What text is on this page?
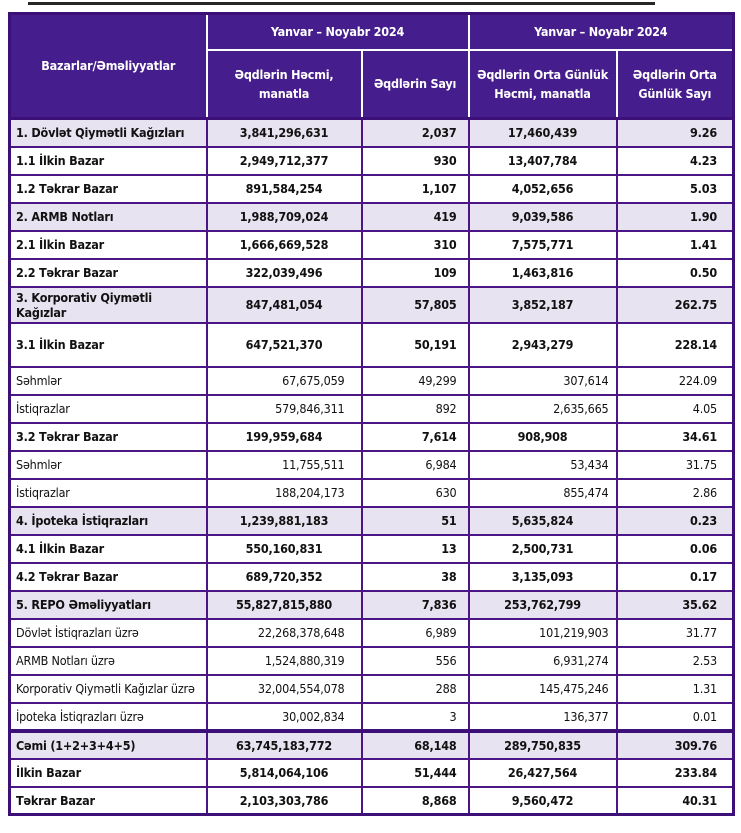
Bazarlar/Əməliyyatlar	Yanvar – Noyabr 2024		Yanvar – Noyabr 2024	
	Əqdlərin Həcmi, manatla	Əqdlərin Sayı	Əqdlərin Orta Günlük Həcmi, manatla	Əqdlərin Orta Günlük Sayı
1. Dövlət Qiymətli Kağızları	3,841,296,631	2,037	17,460,439	9.26
1.1 İlkin Bazar	2,949,712,377	930	13,407,784	4.23
1.2 Təkrar Bazar	891,584,254	1,107	4,052,656	5.03
2. ARMB Notları	1,988,709,024	419	9,039,586	1.90
2.1 İlkin Bazar	1,666,669,528	310	7,575,771	1.41
2.2 Təkrar Bazar	322,039,496	109	1,463,816	0.50
3. Korporativ Qiymətli Kağızlar	847,481,054	57,805	3,852,187	262.75
3.1 İlkin Bazar	647,521,370	50,191	2,943,279	228.14
Səhmlər	67,675,059	49,299	307,614	224.09
İstiqrazlar	579,846,311	892	2,635,665	4.05
3.2 Təkrar Bazar	199,959,684	7,614	908,908	34.61
Səhmlər	11,755,511	6,984	53,434	31.75
İstiqrazlar	188,204,173	630	855,474	2.86
4. İpoteka İstiqrazları	1,239,881,183	51	5,635,824	0.23
4.1 İlkin Bazar	550,160,831	13	2,500,731	0.06
4.2 Təkrar Bazar	689,720,352	38	3,135,093	0.17
5. REPO Əməliyyatları	55,827,815,880	7,836	253,762,799	35.62
Dövlət İstiqrazları üzrə	22,268,378,648	6,989	101,219,903	31.77
ARMB Notları üzrə	1,524,880,319	556	6,931,274	2.53
Korporativ Qiymətli Kağızlar üzrə	32,004,554,078	288	145,475,246	1.31
İpoteka İstiqrazları üzrə	30,002,834	3	136,377	0.01
Cəmi (1+2+3+4+5)	63,745,183,772	68,148	289,750,835	309.76
İlkin Bazar	5,814,064,106	51,444	26,427,564	233.84
Təkrar Bazar	2,103,303,786	8,868	9,560,472	40.31
